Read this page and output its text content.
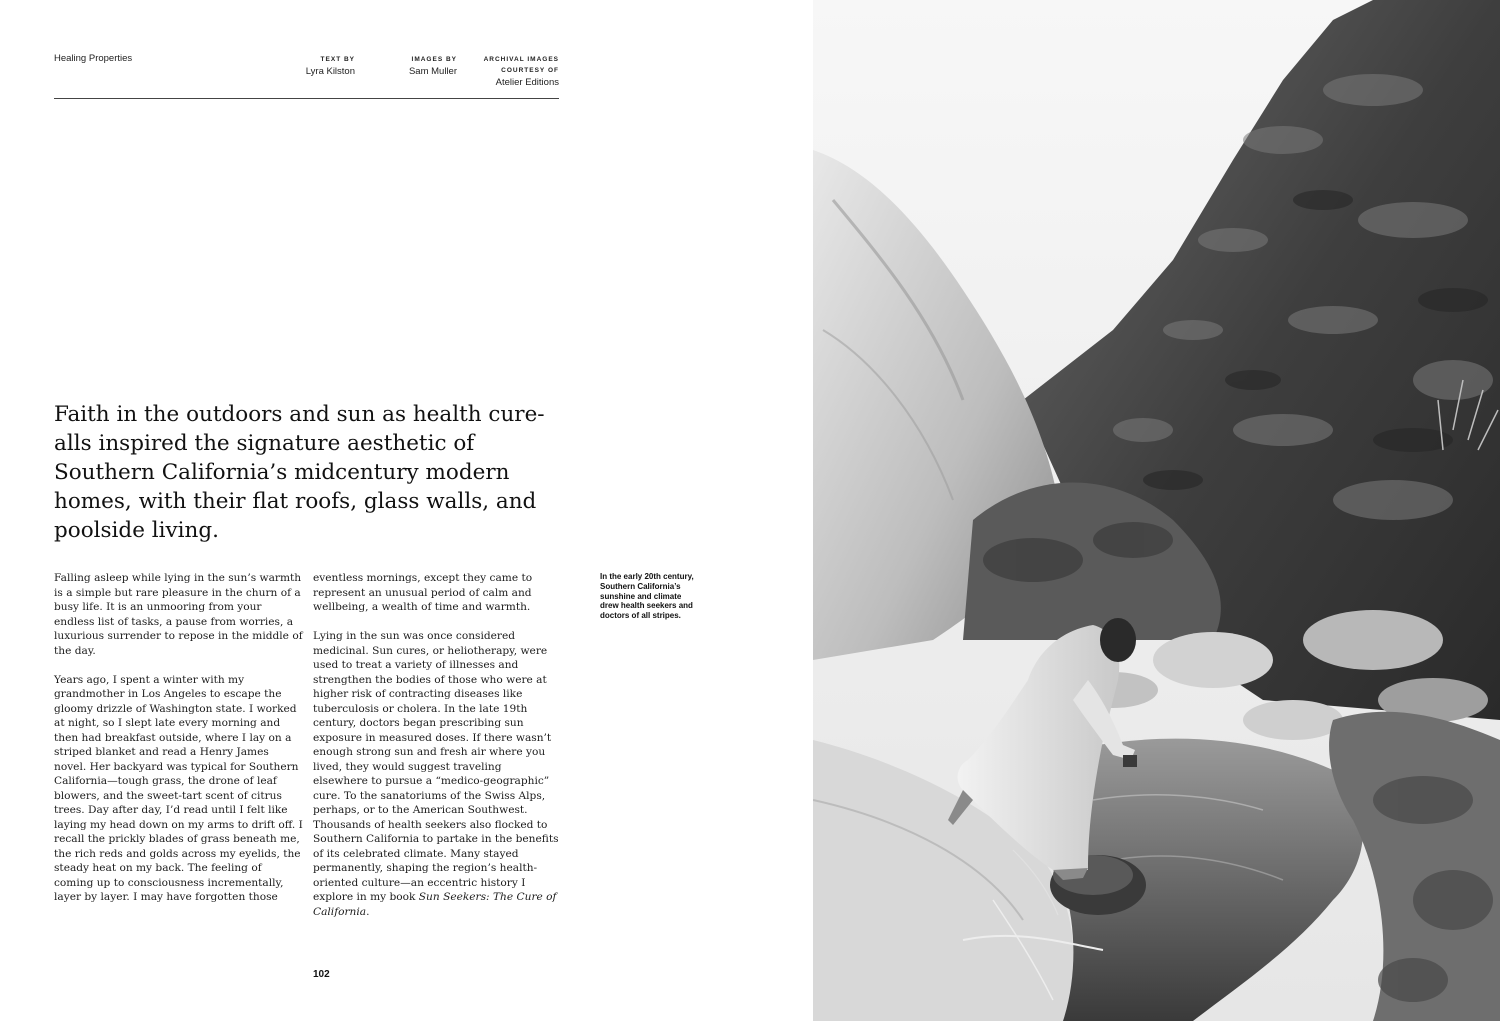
Healing Properties	TEXT BY
Lyra Kilston
IMAGES BY
Sam Muller
ARCHIVAL IMAGES COURTESY OF
Atelier Editions
Faith in the outdoors and sun as health cure-alls inspired the signature aesthetic of Southern California’s midcentury modern homes, with their flat roofs, glass walls, and poolside living.

Falling asleep while lying in the sun’s warmth is a simple but rare pleasure in the churn of a busy life. It is an unmooring from your endless list of tasks, a pause from worries, a luxurious surrender to repose in the middle of the day.

Years ago, I spent a winter with my grandmother in Los Angeles to escape the gloomy drizzle of Washington state. I worked at night, so I slept late every morning and then had breakfast outside, where I lay on a striped blanket and read a Henry James novel. Her backyard was typical for Southern California—tough grass, the drone of leaf blowers, and the sweet-tart scent of citrus trees. Day after day, I’d read until I felt like laying my head down on my arms to drift off. I recall the prickly blades of grass beneath me, the rich reds and golds across my eyelids, the steady heat on my back. The feeling of coming up to consciousness incrementally, layer by layer. I may have forgotten those

eventless mornings, except they came to represent an unusual period of calm and wellbeing, a wealth of time and warmth.

Lying in the sun was once considered medicinal. Sun cures, or heliotherapy, were used to treat a variety of illnesses and strengthen the bodies of those who were at higher risk of contracting diseases like tuberculosis or cholera. In the late 19th century, doctors began prescribing sun exposure in measured doses. If there wasn’t enough strong sun and fresh air where you lived, they would suggest traveling elsewhere to pursue a “medico-geographic” cure. To the sanatoriums of the Swiss Alps, perhaps, or to the American Southwest. Thousands of health seekers also flocked to Southern California to partake in the benefits of its celebrated climate. Many stayed permanently, shaping the region’s health-oriented culture—an eccentric history I explore in my book Sun Seekers: The Cure of California.

In the early 20th century, Southern California’s sunshine and climate drew health seekers and doctors of all stripes.
102
